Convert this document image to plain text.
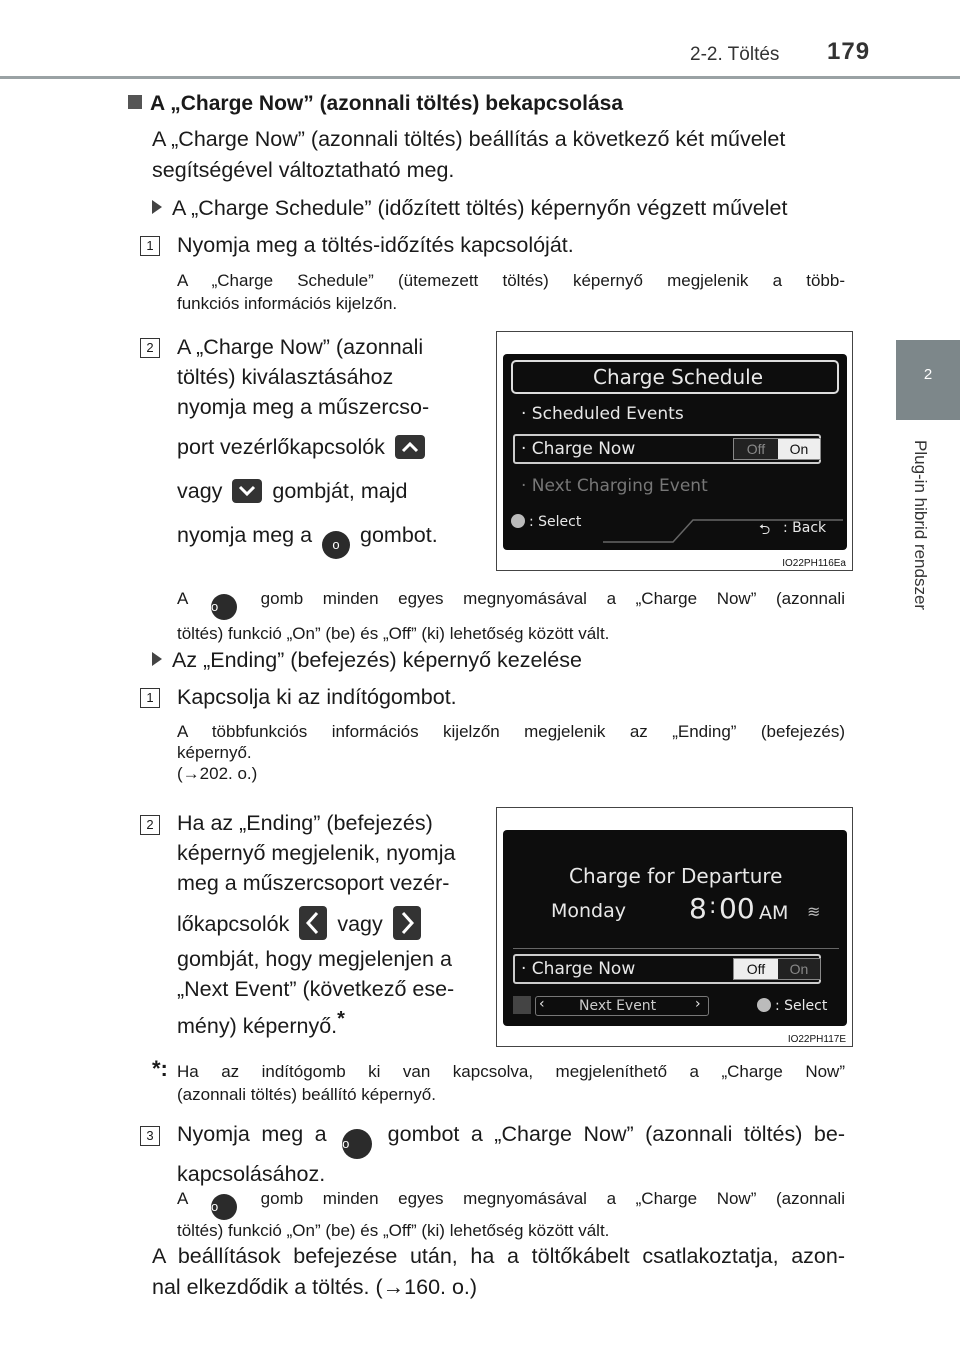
2-2. Töltés 179
2
Plug-in hibrid rendszer
A „Charge Now” (azonnali töltés) bekapcsolása
A „Charge Now” (azonnali töltés) beállítás a következő két művelet
segítségével változtatható meg.
A „Charge Schedule” (időzített töltés) képernyőn végzett művelet
1 Nyomja meg a töltés-időzítés kapcsolóját.
A „Charge Schedule” (ütemezett töltés) képernyő megjelenik a több-
funkciós információs kijelzőn.
2 A „Charge Now” (azonnali
töltés) kiválasztásához
nyomja meg a műszercso-
port vezérlőkapcsolók
vagy gombját, majd
nyomja meg a o gombot.
Charge Schedule
· Scheduled Events
· Charge Now	Off	On
· Next Charging Event
: Select	⮌ : Back
IO22PH116Ea
A o gomb minden egyes megnyomásával a „Charge Now” (azonnali
töltés) funkció „On” (be) és „Off” (ki) lehetőség között vált.
Az „Ending” (befejezés) képernyő kezelése
1 Kapcsolja ki az indítógombot.
A többfunkciós információs kijelzőn megjelenik az „Ending” (befejezés)
képernyő.
(→202. o.)
2 Ha az „Ending” (befejezés)
képernyő megjelenik, nyomja
meg a műszercsoport vezér-
lőkapcsolók vagy
gombját, hogy megjelenjen a
„Next Event” (következő ese-
mény) képernyő.*
Charge for Departure
Monday 8 : 00 AM ≋
· Charge Now	Off	On
‹ Next Event	›	: Select
IO22PH117E
*: Ha az indítógomb ki van kapcsolva, megjeleníthető a „Charge Now”
(azonnali töltés) beállító képernyő.
3 Nyomja meg a o gombot a „Charge Now” (azonnali töltés) be-
kapcsolásához.
A o gomb minden egyes megnyomásával a „Charge Now” (azonnali
töltés) funkció „On” (be) és „Off” (ki) lehetőség között vált.
A beállítások befejezése után, ha a töltőkábelt csatlakoztatja, azon-
nal elkezdődik a töltés. (→160. o.)
